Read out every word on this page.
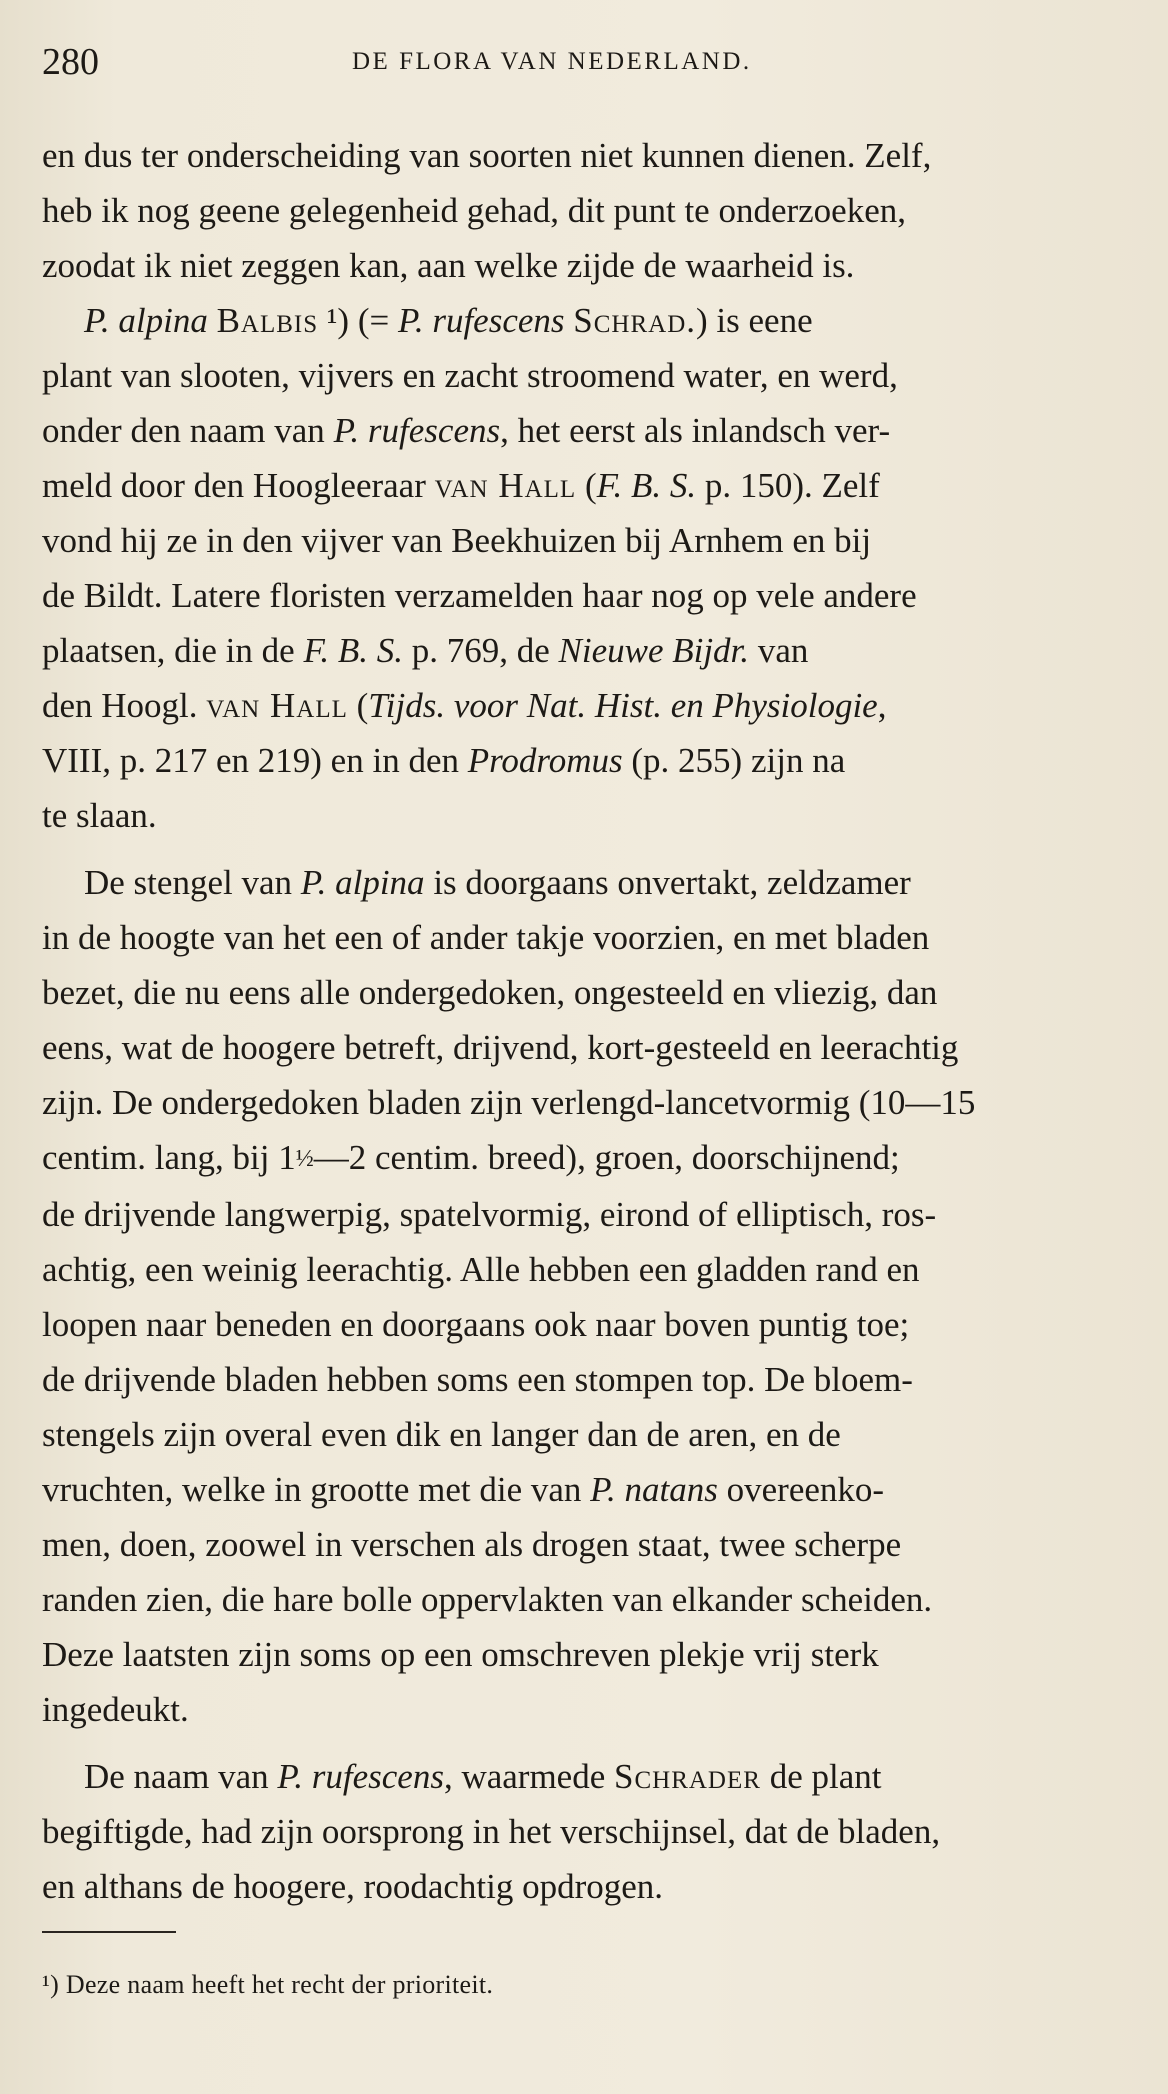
280	DE FLORA VAN NEDERLAND.

en dus ter onderscheiding van soorten niet kunnen dienen. Zelf,
heb ik nog geene gelegenheid gehad, dit punt te onderzoeken,
zoodat ik niet zeggen kan, aan welke zijde de waarheid is.

P. alpina Balbis ¹) (= P. rufescens Schrad.) is eene
plant van slooten, vijvers en zacht stroomend water, en werd,
onder den naam van P. rufescens, het eerst als inlandsch ver-
meld door den Hoogleeraar van Hall (F. B. S. p. 150). Zelf
vond hij ze in den vijver van Beekhuizen bij Arnhem en bij
de Bildt. Latere floristen verzamelden haar nog op vele andere
plaatsen, die in de F. B. S. p. 769, de Nieuwe Bijdr. van
den Hoogl. van Hall (Tijds. voor Nat. Hist. en Physiologie,
VIII, p. 217 en 219) en in den Prodromus (p. 255) zijn na
te slaan.

De stengel van P. alpina is doorgaans onvertakt, zeldzamer
in de hoogte van het een of ander takje voorzien, en met bladen
bezet, die nu eens alle ondergedoken, ongesteeld en vliezig, dan
eens, wat de hoogere betreft, drijvend, kort-gesteeld en leerachtig
zijn. De ondergedoken bladen zijn verlengd-lancetvormig (10—15
centim. lang, bij 1½—2 centim. breed), groen, doorschijnend;
de drijvende langwerpig, spatelvormig, eirond of elliptisch, ros-
achtig, een weinig leerachtig. Alle hebben een gladden rand en
loopen naar beneden en doorgaans ook naar boven puntig toe;
de drijvende bladen hebben soms een stompen top. De bloem-
stengels zijn overal even dik en langer dan de aren, en de
vruchten, welke in grootte met die van P. natans overeenko-
men, doen, zoowel in verschen als drogen staat, twee scherpe
randen zien, die hare bolle oppervlakten van elkander scheiden.
Deze laatsten zijn soms op een omschreven plekje vrij sterk
ingedeukt.

De naam van P. rufescens, waarmede Schrader de plant
begiftigde, had zijn oorsprong in het verschijnsel, dat de bladen,
en althans de hoogere, roodachtig opdrogen.

¹) Deze naam heeft het recht der prioriteit.
